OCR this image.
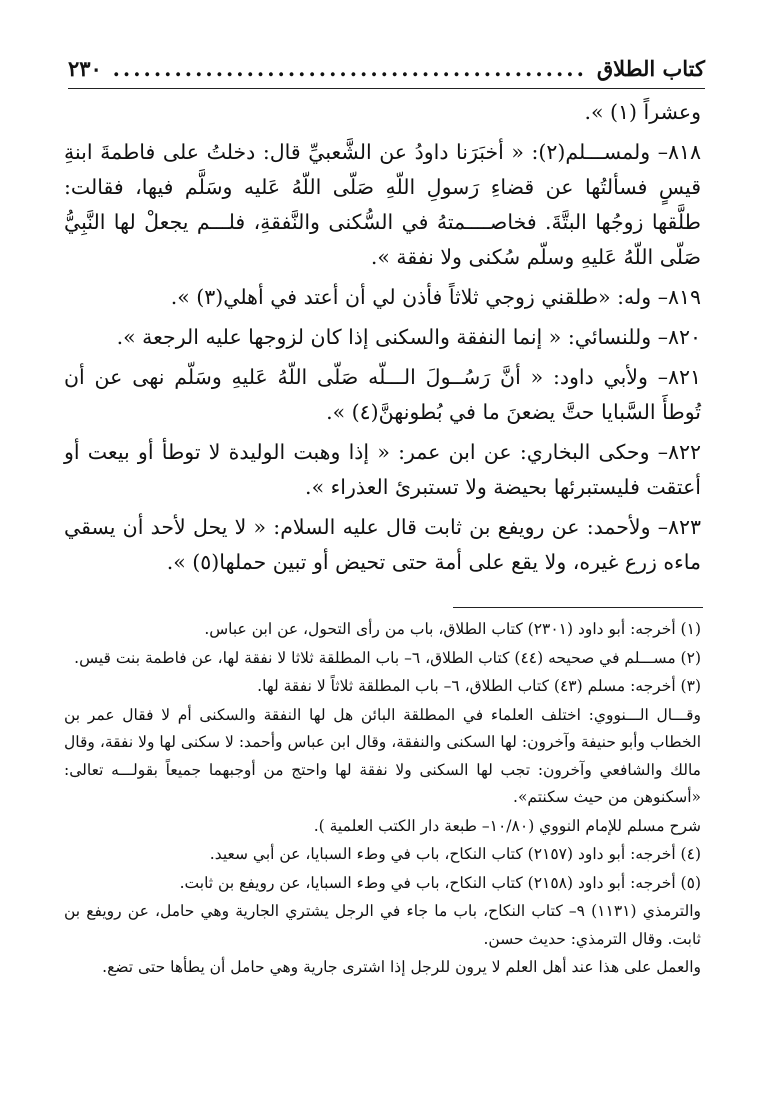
كتاب الطلاق
.....
٢٣٠

وعشراً (١) ».

٨١٨– ولمســـلم(٢): « أخبَرَنا داودُ عن الشَّعبيِّ قال: دخلتُ على فاطمةَ ابنةِ قيسٍ فسألتُها عن قضاءِ رَسولِ اللّهِ صَلّى اللّهُ عَليه وسَلَّم فيها، فقالت: طلَّقها زوجُها البتَّةَ. فخاصــــمتهُ في السُّكنى والنَّفقةِ، فلـــم يجعلْ لها النَّبِيُّ صَلّى اللّهُ عَليهِ وسلّم سُكنى ولا نفقة ».

٨١٩– وله: «طلقني زوجي ثلاثاً فأذن لي أن أعتد في أهلي(٣) ».

٨٢٠– وللنسائي: « إنما النفقة والسكنى إذا كان لزوجها عليه الرجعة ».

٨٢١– ولأبي داود: « أنَّ رَسُــولَ الـــلّه صَلّى اللّهُ عَليهِ وسَلّم نهى عن أن تُوطأَ السَّبايا حتَّ يضعنَ ما في بُطونهنَّ(٤) ».

٨٢٢– وحكى البخاري: عن ابن عمر: « إذا وهبت الوليدة لا توطأ أو بيعت أو أعتقت فليستبرئها بحيضة ولا تستبرئ العذراء ».

٨٢٣– ولأحمد: عن رويفع بن ثابت قال عليه السلام: « لا يحل لأحد أن يسقي ماءه زرع غيره، ولا يقع على أمة حتى تحيض أو تبين حملها(٥) ».

(١) أخرجه: أبو داود (٢٣٠١) كتاب الطلاق، باب من رأى التحول، عن ابن عباس.

(٢) مســـلم في صحيحه (٤٤) كتاب الطلاق، ٦– باب المطلقة ثلاثا لا نفقة لها، عن فاطمة بنت قيس.

(٣) أخرجه: مسلم (٤٣) كتاب الطلاق، ٦– باب المطلقة ثلاثاً لا نفقة لها.

وقـــال الـــنووي: اختلف العلماء في المطلقة البائن هل لها النفقة والسكنى أم لا فقال عمر بن الخطاب وأبو حنيفة وآخرون: لها السكنى والنفقة، وقال ابن عباس وأحمد: لا سكنى لها ولا نفقة، وقال مالك والشافعي وآخرون: تجب لها السكنى ولا نفقة لها واحتج من أوجبهما جميعاً بقولـــه تعالى: «أسكنوهن من حيث سكنتم».

شرح مسلم للإمام النووي (١٠/٨٠– طبعة دار الكتب العلمية ).

(٤) أخرجه: أبو داود (٢١٥٧) كتاب النكاح، باب في وطء السبايا، عن أبي سعيد.

(٥) أخرجه: أبو داود (٢١٥٨) كتاب النكاح، باب في وطء السبايا، عن رويفع بن ثابت.

والترمذي (١١٣١) ٩– كتاب النكاح، باب ما جاء في الرجل يشتري الجارية وهي حامل، عن رويفع بن ثابت. وقال الترمذي: حديث حسن.

والعمل على هذا عند أهل العلم لا يرون للرجل إذا اشترى جارية وهي حامل أن يطأها حتى تضع.
